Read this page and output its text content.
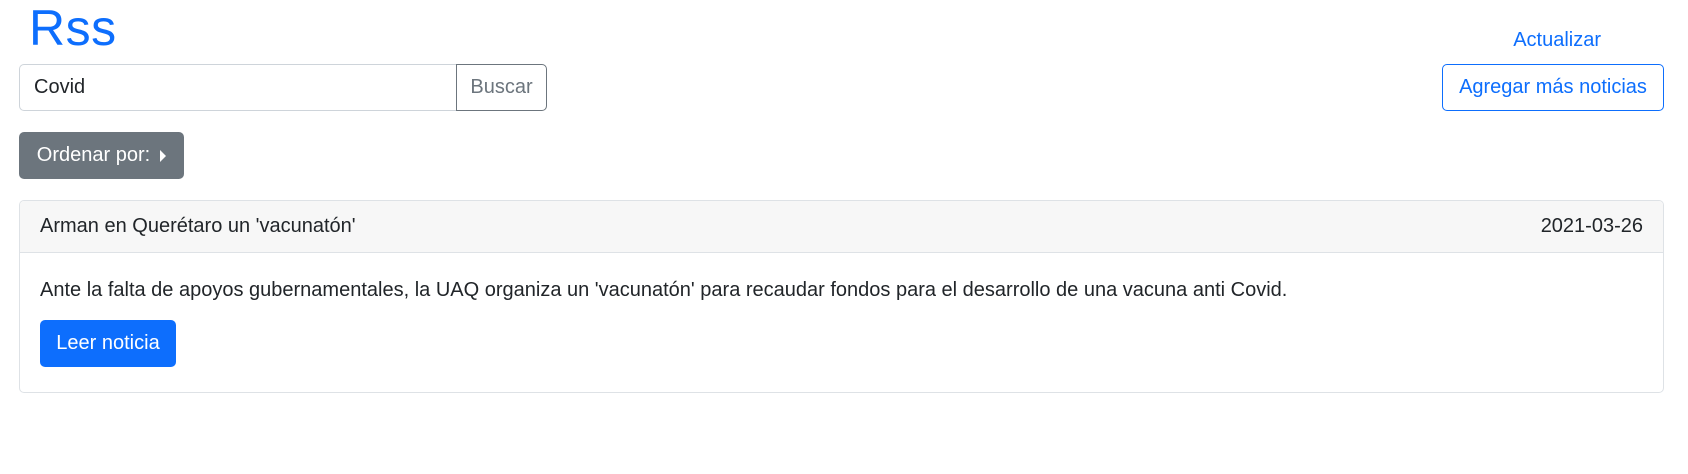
Rss	Actualizar
Covid
Buscar	Agregar más noticias
Ordenar por:
Arman en Querétaro un 'vacunatón'	2021-03-26

Ante la falta de apoyos gubernamentales, la UAQ organiza un 'vacunatón' para recaudar fondos para el desarrollo de una vacuna anti Covid.

Leer noticia
